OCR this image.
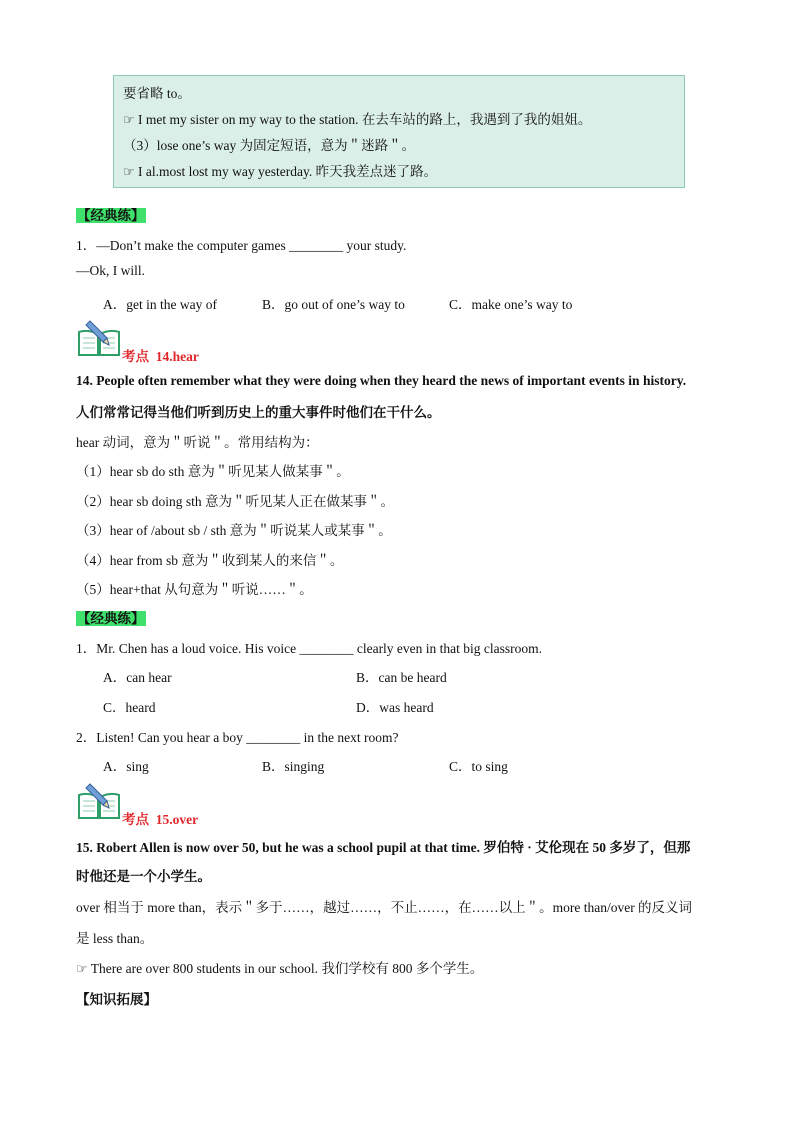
要省略 to。
☞ I met my sister on my way to the station. 在去车站的路上，我遇到了我的姐姐。
（3）lose one’s way 为固定短语，意为＂迷路＂。
☞ I al.most lost my way yesterday. 昨天我差点迷了路。
【经典练】
1．—Don’t make the computer games ________ your study.
—Ok, I will.
A．get in the way of	B．go out of one’s way to	C．make one’s way to
考点 14.hear
14. People often remember what they were doing when they heard the news of important events in history.
人们常常记得当他们听到历史上的重大事件时他们在干什么。
hear 动词，意为＂听说＂。常用结构为：
（1）hear sb do sth 意为＂听见某人做某事＂。
（2）hear sb doing sth 意为＂听见某人正在做某事＂。
（3）hear of /about sb / sth 意为＂听说某人或某事＂。
（4）hear from sb 意为＂收到某人的来信＂。
（5）hear+that 从句意为＂听说……＂。
【经典练】
1．Mr. Chen has a loud voice. His voice ________ clearly even in that big classroom.
A．can hear	B．can be heard
C．heard	D．was heard
2．Listen! Can you hear a boy ________ in the next room?
A．sing	B．singing	C．to sing
考点 15.over
15. Robert Allen is now over 50, but he was a school pupil at that time. 罗伯特 · 艾伦现在 50 多岁了，但那
时他还是一个小学生。
over 相当于 more than，表示＂多于……，越过……，不止……，在……以上＂。more than/over 的反义词
是 less than。
☞ There are over 800 students in our school. 我们学校有 800 多个学生。
【知识拓展】
